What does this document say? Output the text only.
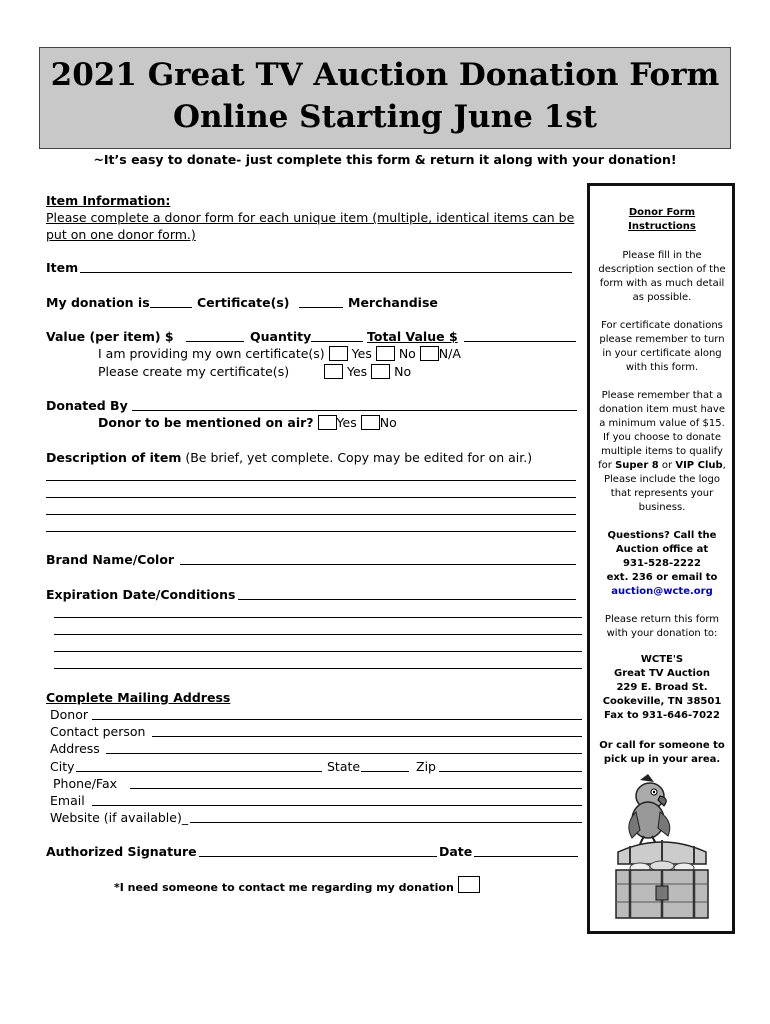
2021 Great TV Auction Donation Form
Online Starting June 1st
~It’s easy to donate- just complete this form & return it along with your donation!
Item Information:
Please complete a donor form for each unique item (multiple, identical items can be
put on one donor form.)
Item
My donation is	Certificate(s)	Merchandise
Value (per item) $	Quantity	Total Value $
I am providing my own certificate(s) Yes No N/A
Please create my certificate(s)	Yes No
Donated By
Donor to be mentioned on air? Yes No
Description of item (Be brief, yet complete. Copy may be edited for on air.)
Brand Name/Color
Expiration Date/Conditions
Complete Mailing Address
Donor
Contact person
Address
City	State	Zip
Phone/Fax
Email
Website (if available)_
Authorized Signature	Date
*I need someone to contact me regarding my donation
Donor Form
Instructions
Please fill in the description section of the form with as much detail as possible.
For certificate donations please remember to turn in your certificate along with this form.
Please remember that a donation item must have a minimum value of $15. If you choose to donate multiple items to qualify for Super 8 or VIP Club, Please include the logo that represents your business.
Questions? Call the Auction office at
931-528-2222
ext. 236 or email to
auction@wcte.org
Please return this form with your donation to:
WCTE'S
Great TV Auction
229 E. Broad St.
Cookeville, TN 38501
Fax to 931-646-7022
Or call for someone to pick up in your area.
